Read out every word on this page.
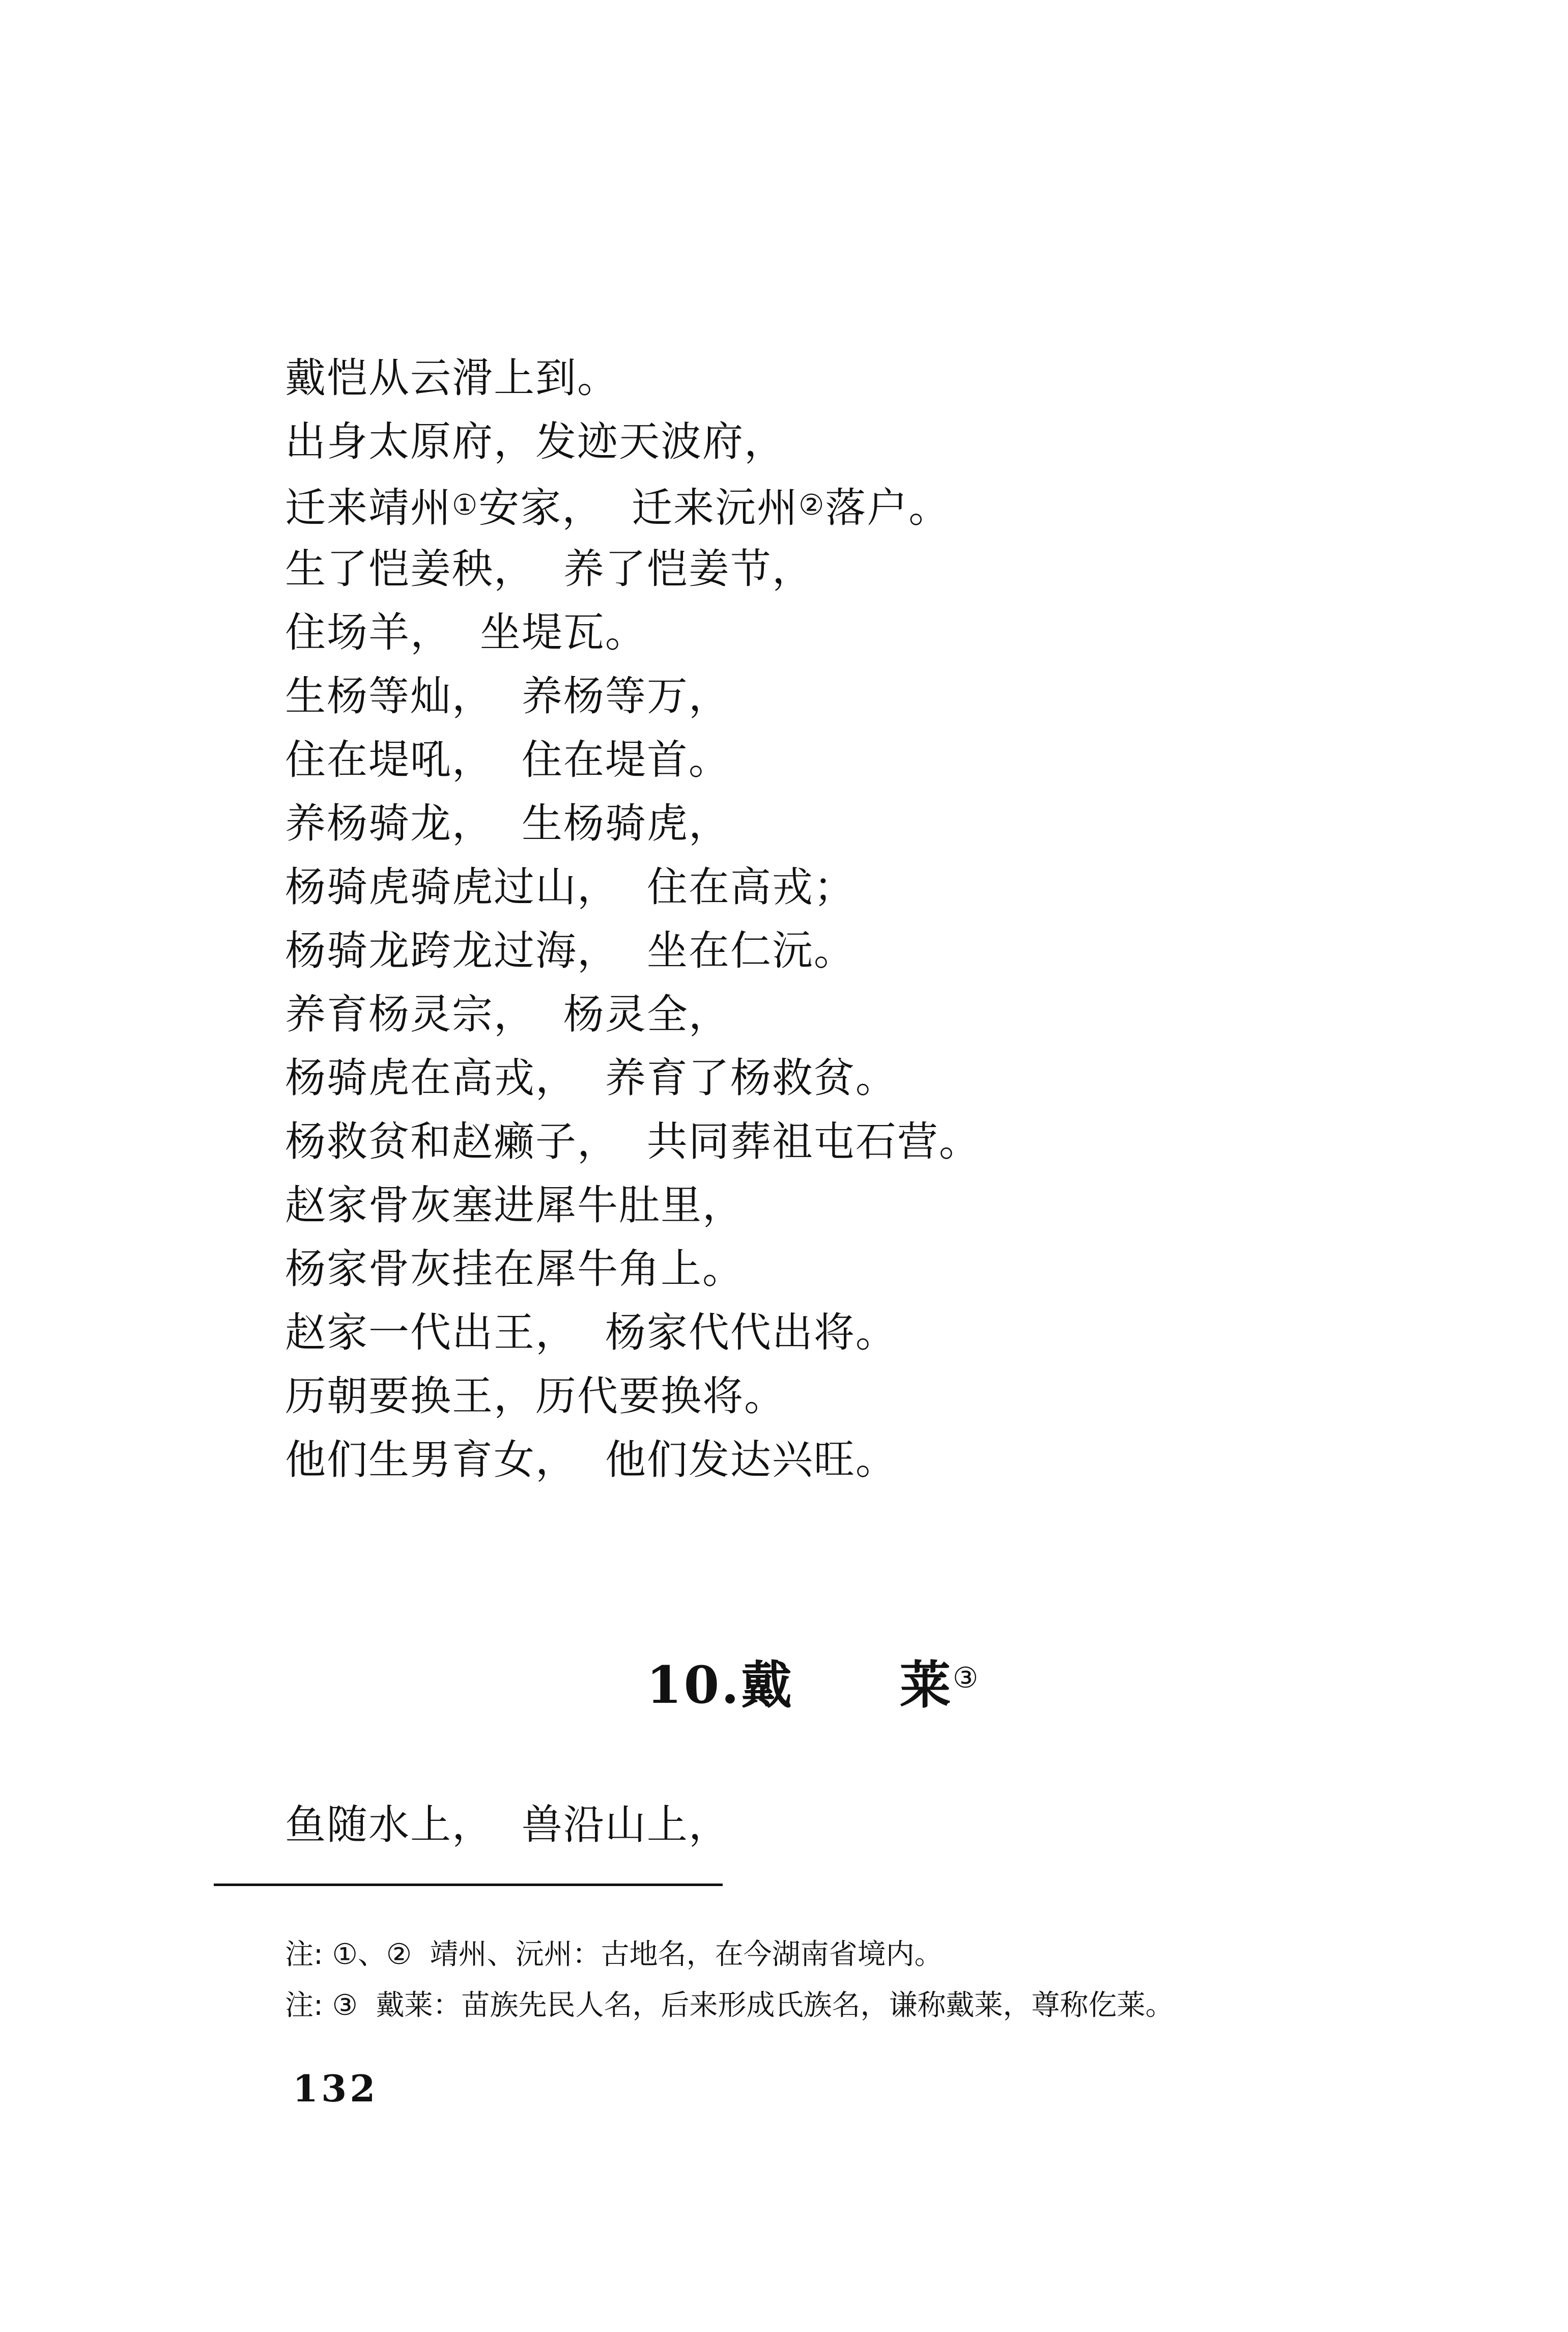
戴恺从云滑上到。
出身太原府，发迹天波府，
迁来靖州①安家，  迁来沅州②落户。
生了恺姜秧，  养了恺姜节，
住场羊，  坐堤瓦。
生杨等灿，  养杨等万，
住在堤吼，  住在堤首。
养杨骑龙，  生杨骑虎，
杨骑虎骑虎过山，  住在高戎；
杨骑龙跨龙过海，  坐在仁沅。
养育杨灵宗，  杨灵全，
杨骑虎在高戎，  养育了杨救贫。
杨救贫和赵癞子，  共同葬祖屯石营。
赵家骨灰塞进犀牛肚里，
杨家骨灰挂在犀牛角上。
赵家一代出王，  杨家代代出将。
历朝要换王，历代要换将。
他们生男育女，  他们发达兴旺。
10.戴　　莱③
鱼随水上，  兽沿山上，
注: ①、②  靖州、沅州：古地名，在今湖南省境内。
注: ③  戴莱：苗族先民人名，后来形成氏族名，谦称戴莱，尊称仡莱。
132
